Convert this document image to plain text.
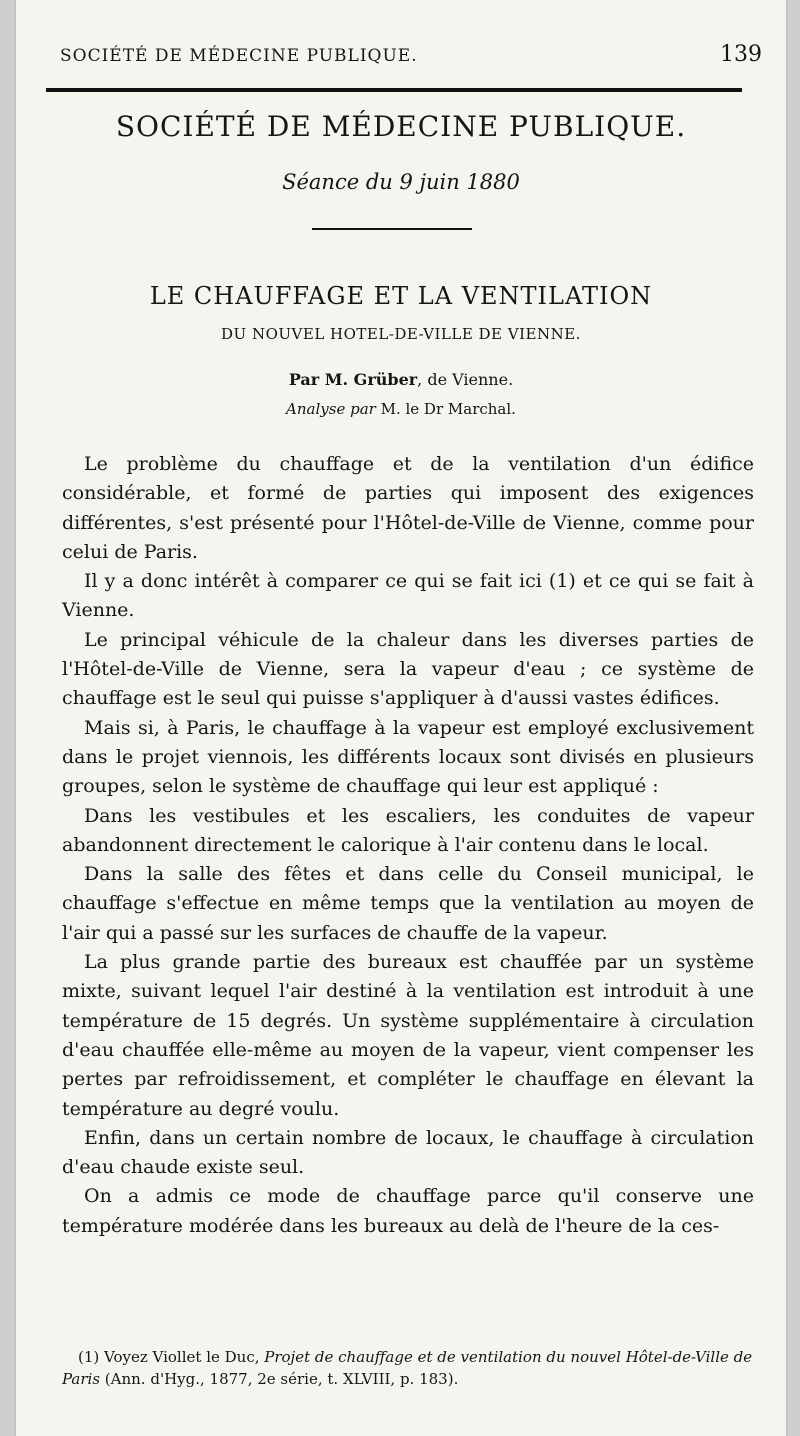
SOCIÉTÉ DE MÉDECINE PUBLIQUE.	139
SOCIÉTÉ DE MÉDECINE PUBLIQUE.
Séance du 9 juin 1880
LE CHAUFFAGE ET LA VENTILATION
DU NOUVEL HOTEL-DE-VILLE DE VIENNE.
Par M. Grüber, de Vienne.
Analyse par M. le Dr Marchal.

Le problème du chauffage et de la ventilation d'un édifice considérable, et formé de parties qui imposent des exigences différentes, s'est présenté pour l'Hôtel-de-Ville de Vienne, comme pour celui de Paris.

Il y a donc intérêt à comparer ce qui se fait ici (1) et ce qui se fait à Vienne.

Le principal véhicule de la chaleur dans les diverses parties de l'Hôtel-de-Ville de Vienne, sera la vapeur d'eau ; ce système de chauffage est le seul qui puisse s'appliquer à d'aussi vastes édifices.

Mais si, à Paris, le chauffage à la vapeur est employé exclusivement dans le projet viennois, les différents locaux sont divisés en plusieurs groupes, selon le système de chauffage qui leur est appliqué :

Dans les vestibules et les escaliers, les conduites de vapeur abandonnent directement le calorique à l'air contenu dans le local.

Dans la salle des fêtes et dans celle du Conseil municipal, le chauffage s'effectue en même temps que la ventilation au moyen de l'air qui a passé sur les surfaces de chauffe de la vapeur.

La plus grande partie des bureaux est chauffée par un système mixte, suivant lequel l'air destiné à la ventilation est introduit à une température de 15 degrés. Un système supplémentaire à circulation d'eau chauffée elle-même au moyen de la vapeur, vient compenser les pertes par refroidissement, et compléter le chauffage en élevant la température au degré voulu.

Enfin, dans un certain nombre de locaux, le chauffage à circulation d'eau chaude existe seul.

On a admis ce mode de chauffage parce qu'il conserve une température modérée dans les bureaux au delà de l'heure de la ces-

(1) Voyez Viollet le Duc, Projet de chauffage et de ventilation du nouvel Hôtel-de-Ville de Paris (Ann. d'Hyg., 1877, 2e série, t. XLVIII, p. 183).
